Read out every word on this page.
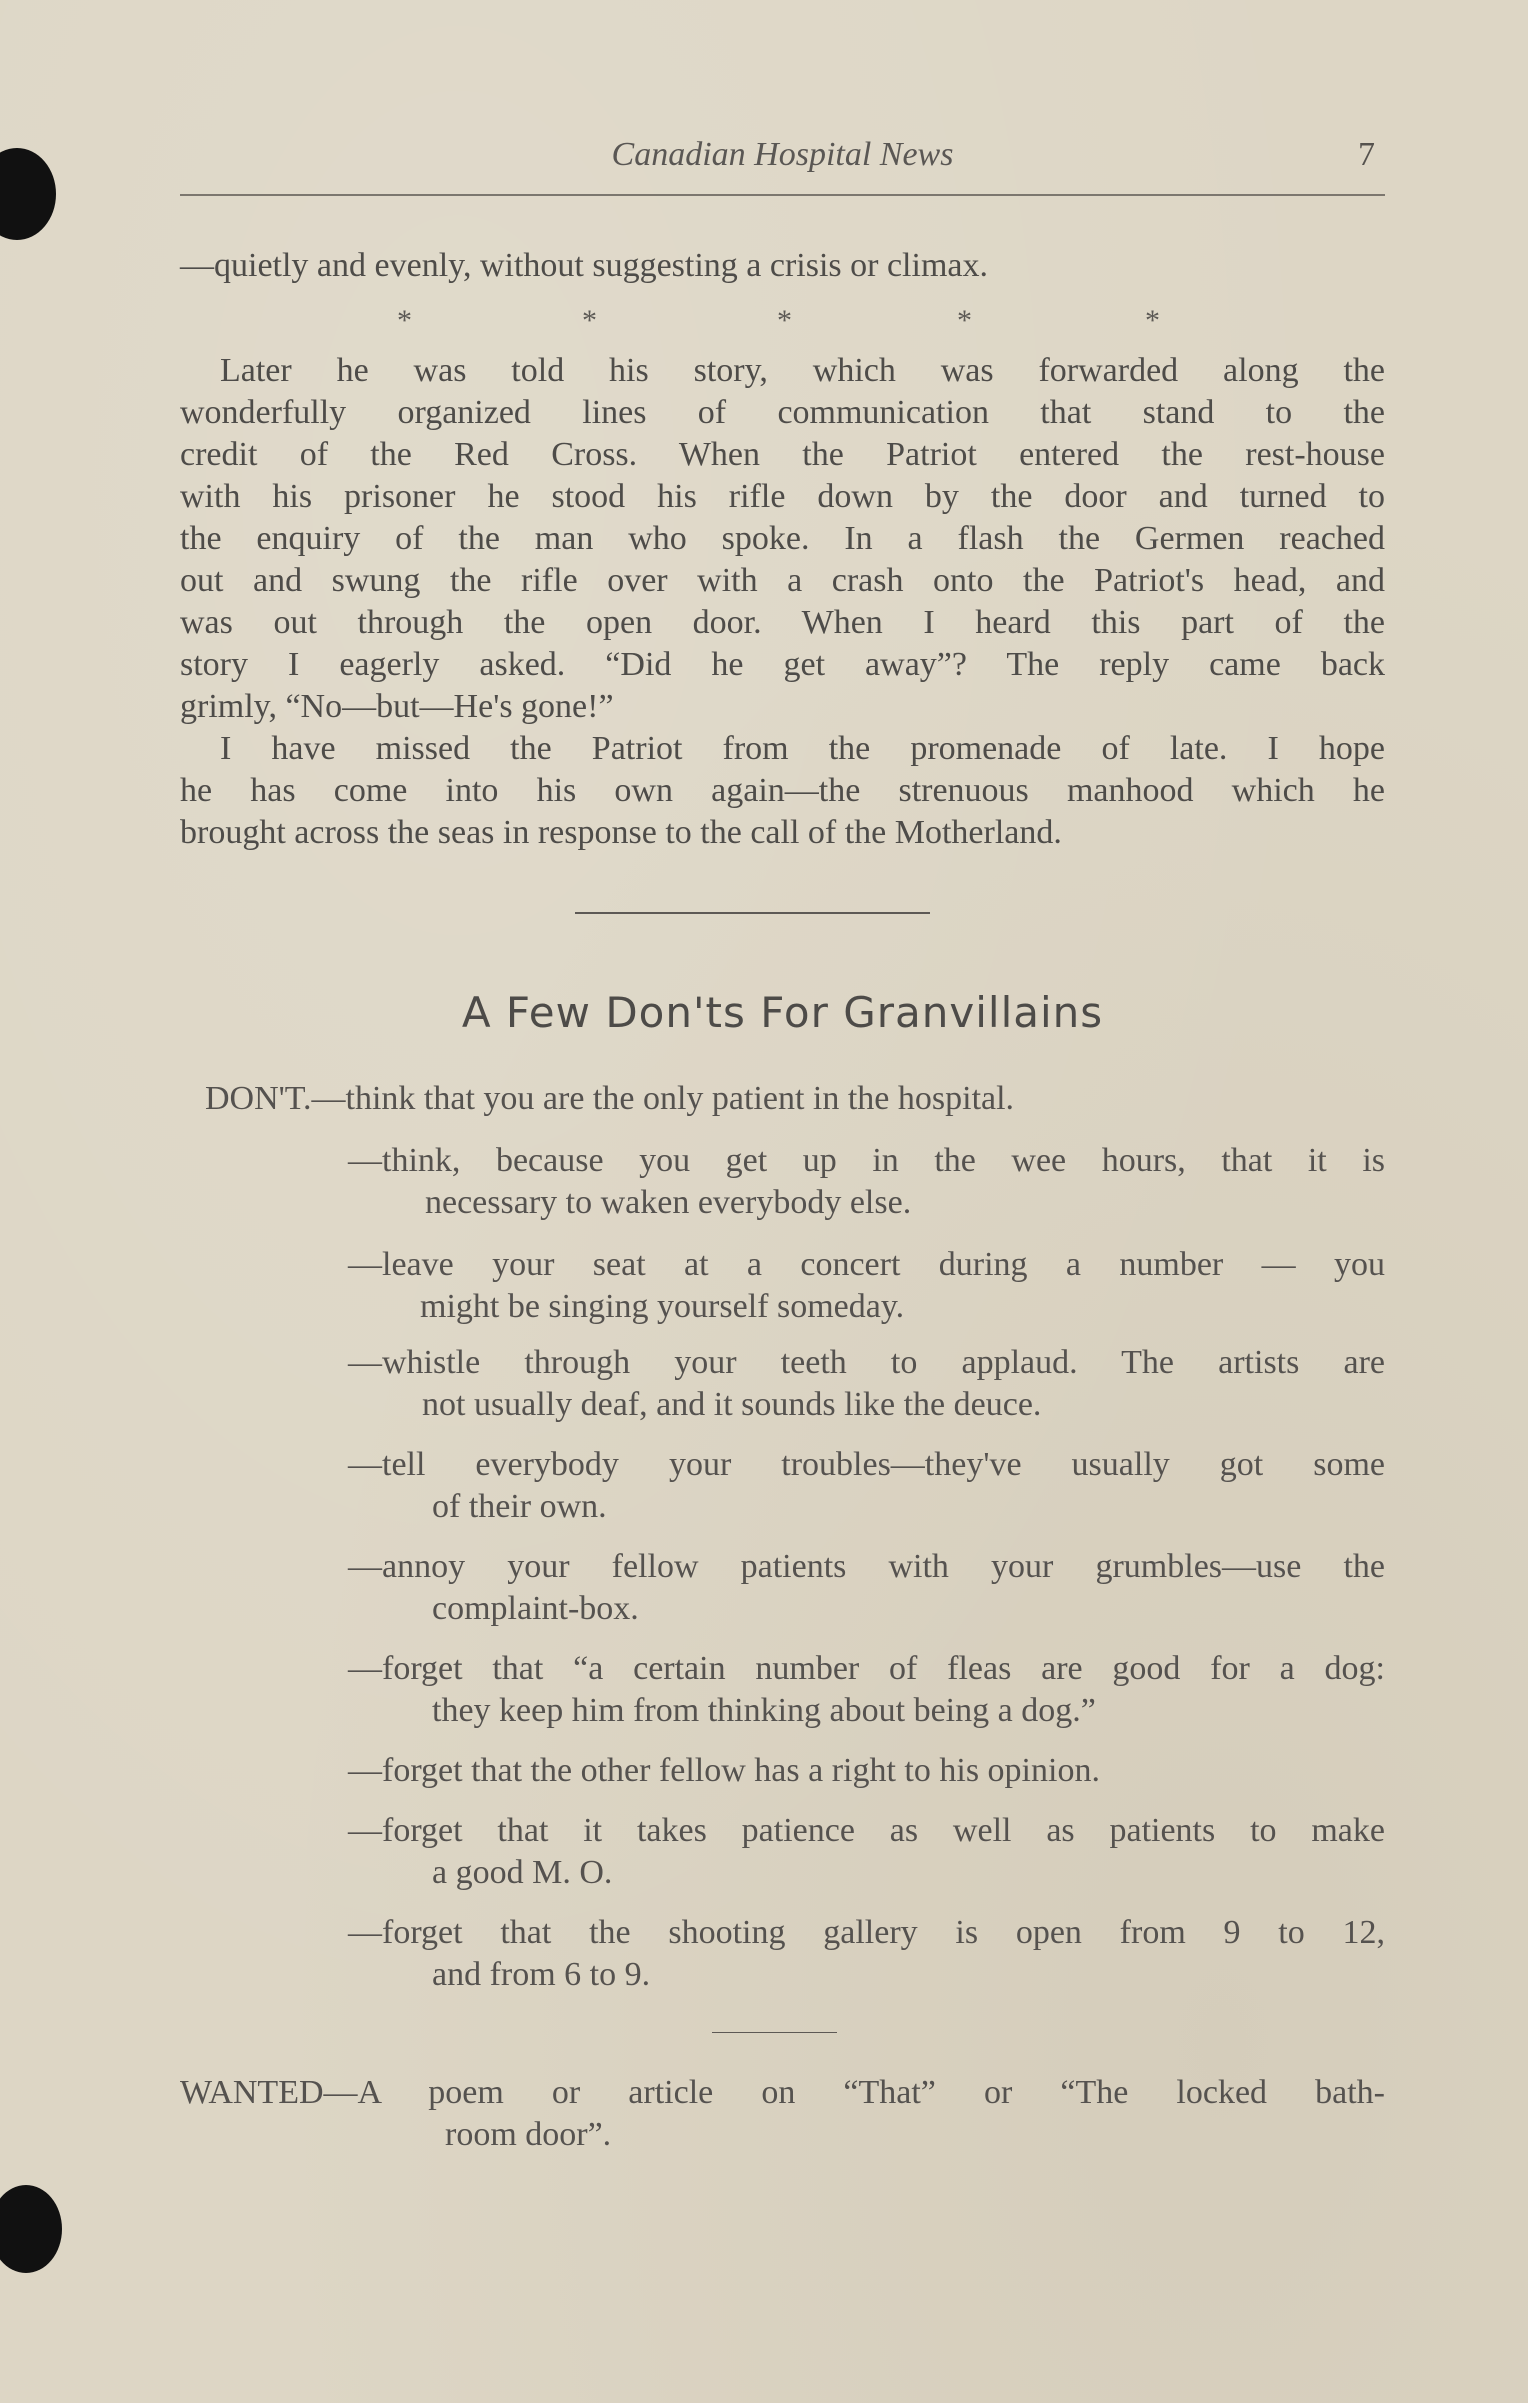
Canadian Hospital News	7
—quietly and evenly, without suggesting a crisis or climax.
*	*	*	*	*
Later he was told his story, which was forwarded along the
wonderfully organized lines of communication that stand to the
credit of the Red Cross. When the Patriot entered the rest-house
with his prisoner he stood his rifle down by the door and turned to
the enquiry of the man who spoke. In a flash the Germen reached
out and swung the rifle over with a crash onto the Patriot's head, and
was out through the open door. When I heard this part of the
story I eagerly asked. “Did he get away”? The reply came back
grimly, “No—but—He's gone!”
I have missed the Patriot from the promenade of late. I hope
he has come into his own again—the strenuous manhood which he
brought across the seas in response to the call of the Motherland.
A Few Don'ts For Granvillains
DON'T.—think that you are the only patient in the hospital.
—think, because you get up in the wee hours, that it is
necessary to waken everybody else.
—leave your seat at a concert during a number — you
might be singing yourself someday.
—whistle through your teeth to applaud. The artists are
not usually deaf, and it sounds like the deuce.
—tell everybody your troubles—they've usually got some
of their own.
—annoy your fellow patients with your grumbles—use the
complaint-box.
—forget that “a certain number of fleas are good for a dog:
they keep him from thinking about being a dog.”
—forget that the other fellow has a right to his opinion.
—forget that it takes patience as well as patients to make
a good M. O.
—forget that the shooting gallery is open from 9 to 12,
and from 6 to 9.
WANTED—A poem or article on “That” or “The locked bath-
room door”.
